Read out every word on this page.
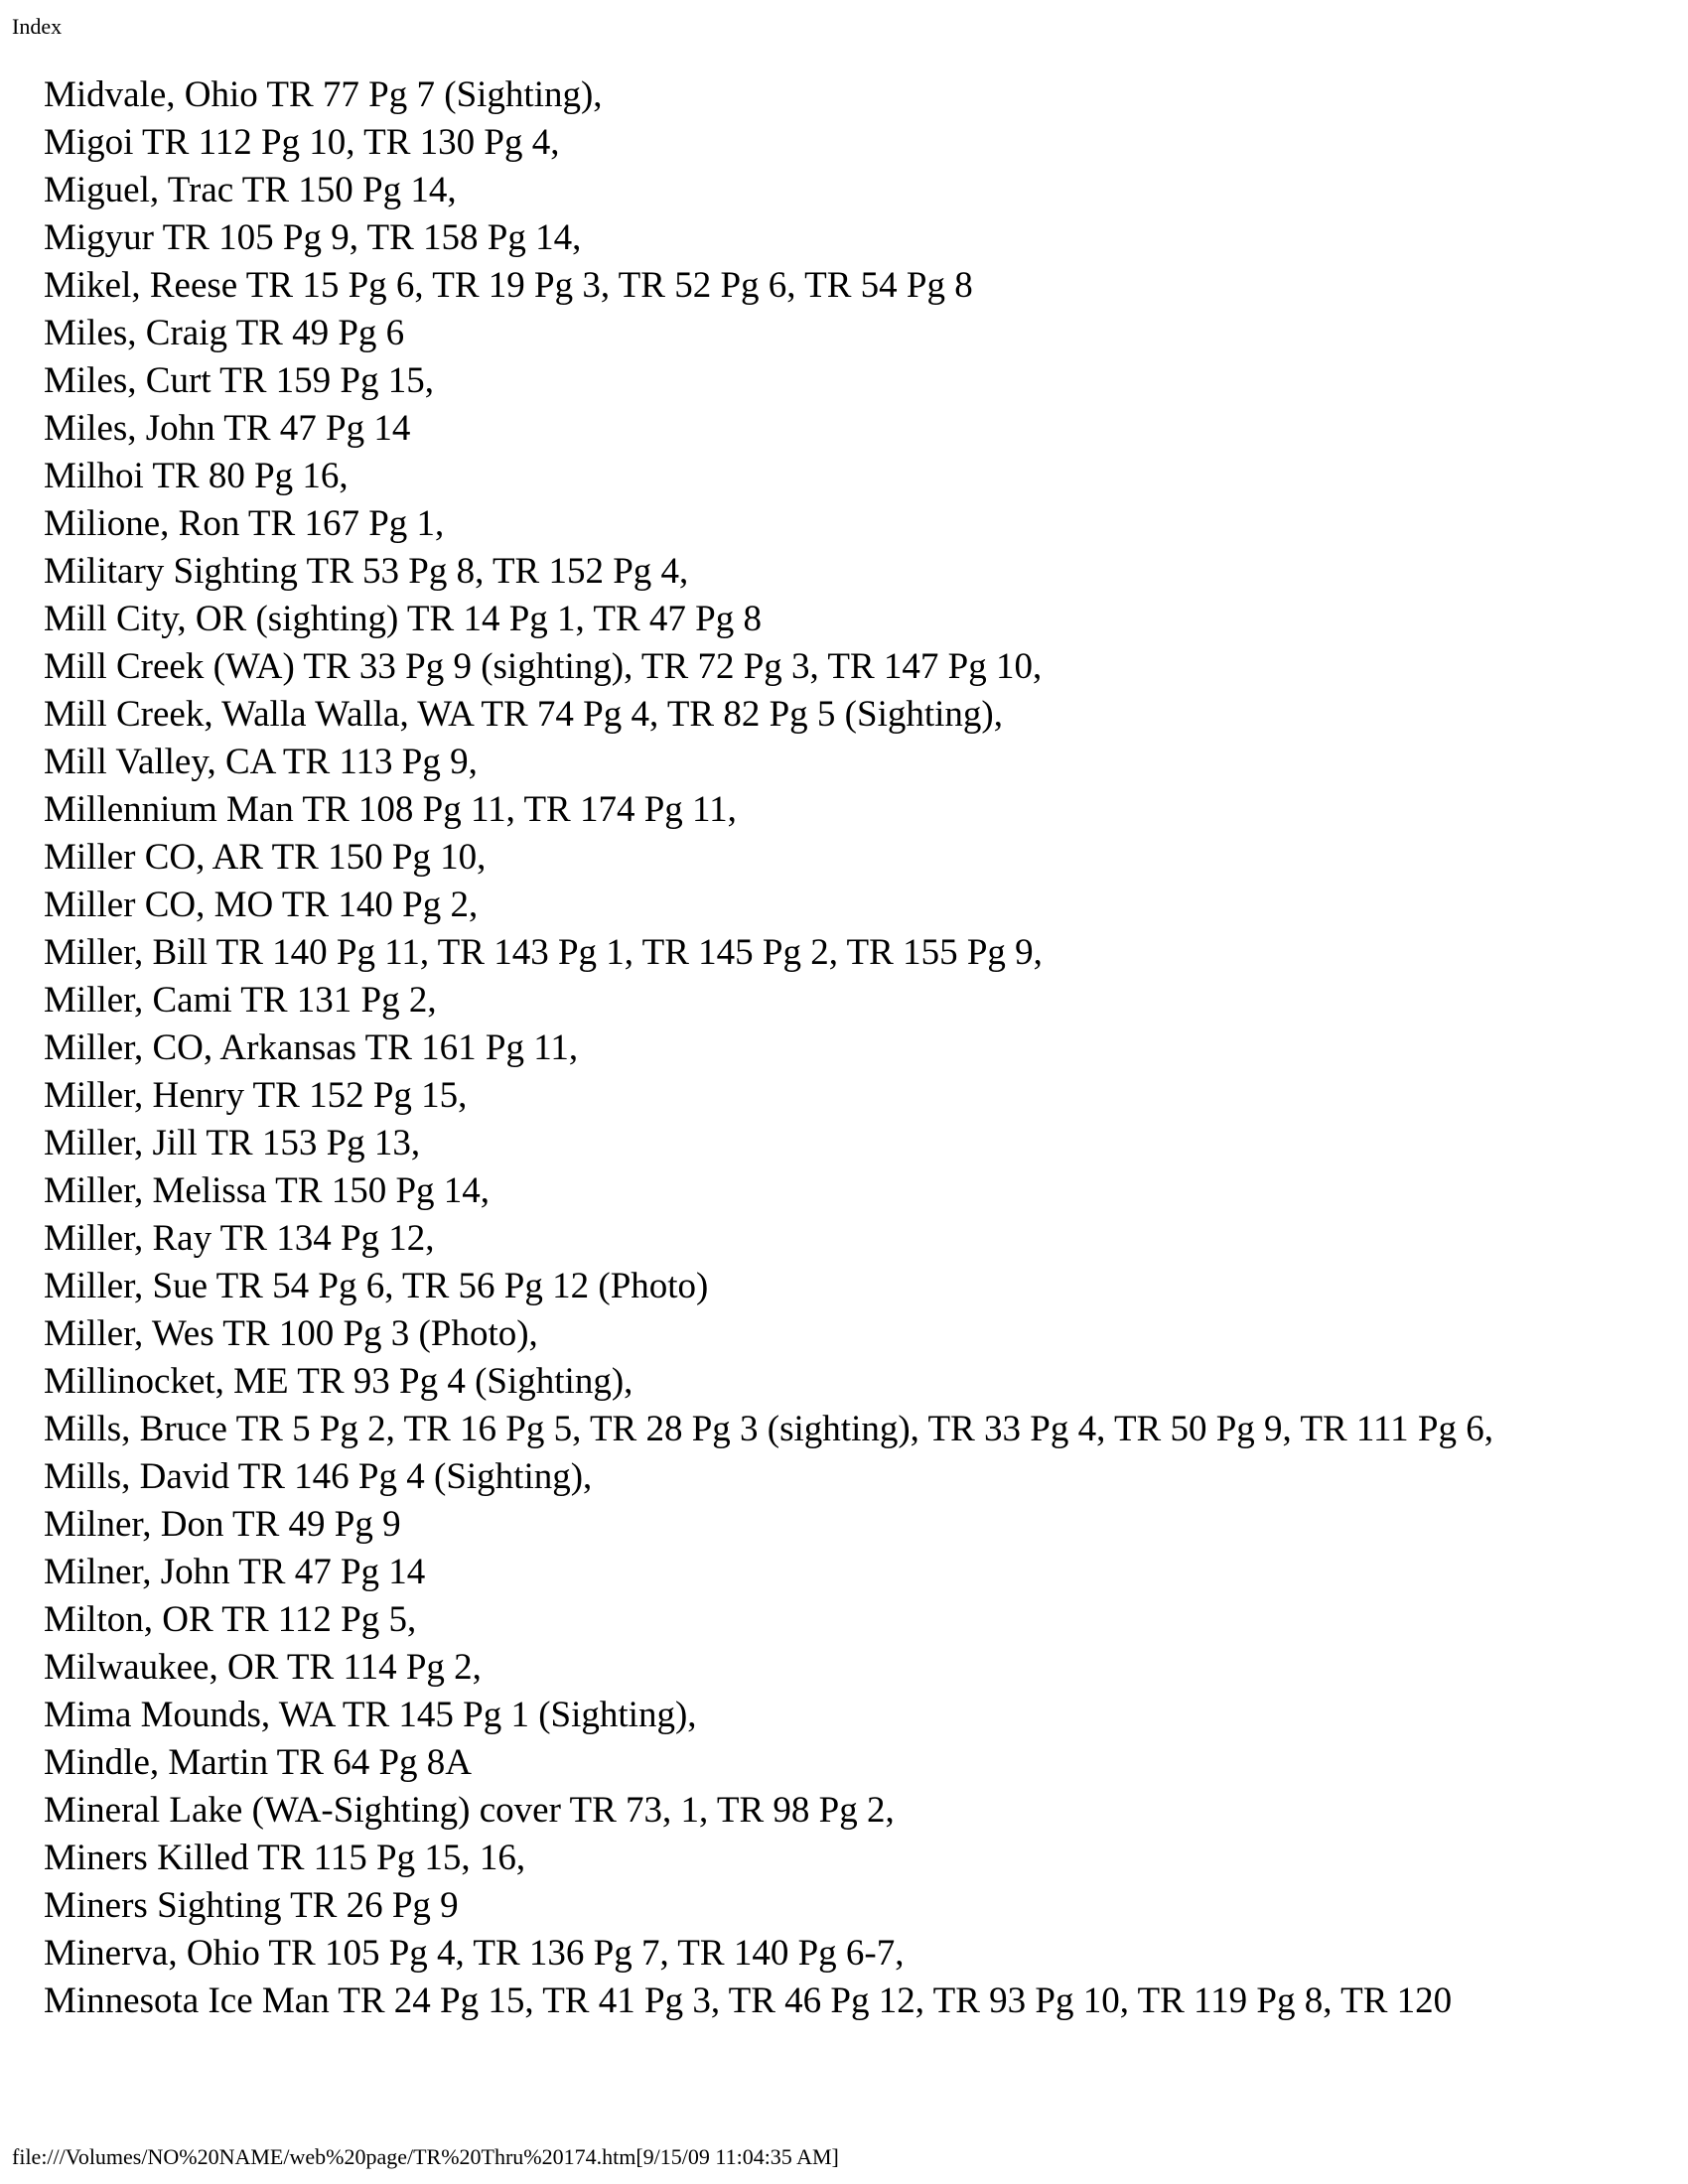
Index
Midvale, Ohio TR 77 Pg 7 (Sighting),
Migoi TR 112 Pg 10, TR 130 Pg 4,
Miguel, Trac TR 150 Pg 14,
Migyur TR 105 Pg 9, TR 158 Pg 14,
Mikel, Reese TR 15 Pg 6, TR 19 Pg 3, TR 52 Pg 6, TR 54 Pg 8
Miles, Craig TR 49 Pg 6
Miles, Curt TR 159 Pg 15,
Miles, John TR 47 Pg 14
Milhoi TR 80 Pg 16,
Milione, Ron TR 167 Pg 1,
Military Sighting TR 53 Pg 8, TR 152 Pg 4,
Mill City, OR (sighting) TR 14 Pg 1, TR 47 Pg 8
Mill Creek (WA) TR 33 Pg 9 (sighting), TR 72 Pg 3, TR 147 Pg 10,
Mill Creek, Walla Walla, WA TR 74 Pg 4, TR 82 Pg 5 (Sighting),
Mill Valley, CA TR 113 Pg 9,
Millennium Man TR 108 Pg 11, TR 174 Pg 11,
Miller CO, AR TR 150 Pg 10,
Miller CO, MO TR 140 Pg 2,
Miller, Bill TR 140 Pg 11, TR 143 Pg 1, TR 145 Pg 2, TR 155 Pg 9,
Miller, Cami TR 131 Pg 2,
Miller, CO, Arkansas TR 161 Pg 11,
Miller, Henry TR 152 Pg 15,
Miller, Jill TR 153 Pg 13,
Miller, Melissa TR 150 Pg 14,
Miller, Ray TR 134 Pg 12,
Miller, Sue TR 54 Pg 6, TR 56 Pg 12 (Photo)
Miller, Wes TR 100 Pg 3 (Photo),
Millinocket, ME TR 93 Pg 4 (Sighting),
Mills, Bruce TR 5 Pg 2, TR 16 Pg 5, TR 28 Pg 3 (sighting), TR 33 Pg 4, TR 50 Pg 9, TR 111 Pg 6,
Mills, David TR 146 Pg 4 (Sighting),
Milner, Don TR 49 Pg 9
Milner, John TR 47 Pg 14
Milton, OR TR 112 Pg 5,
Milwaukee, OR TR 114 Pg 2,
Mima Mounds, WA TR 145 Pg 1 (Sighting),
Mindle, Martin TR 64 Pg 8A
Mineral Lake (WA-Sighting) cover TR 73, 1, TR 98 Pg 2,
Miners Killed TR 115 Pg 15, 16,
Miners Sighting TR 26 Pg 9
Minerva, Ohio TR 105 Pg 4, TR 136 Pg 7, TR 140 Pg 6-7,
Minnesota Ice Man TR 24 Pg 15, TR 41 Pg 3, TR 46 Pg 12, TR 93 Pg 10, TR 119 Pg 8, TR 120
file:///Volumes/NO%20NAME/web%20page/TR%20Thru%20174.htm[9/15/09 11:04:35 AM]
